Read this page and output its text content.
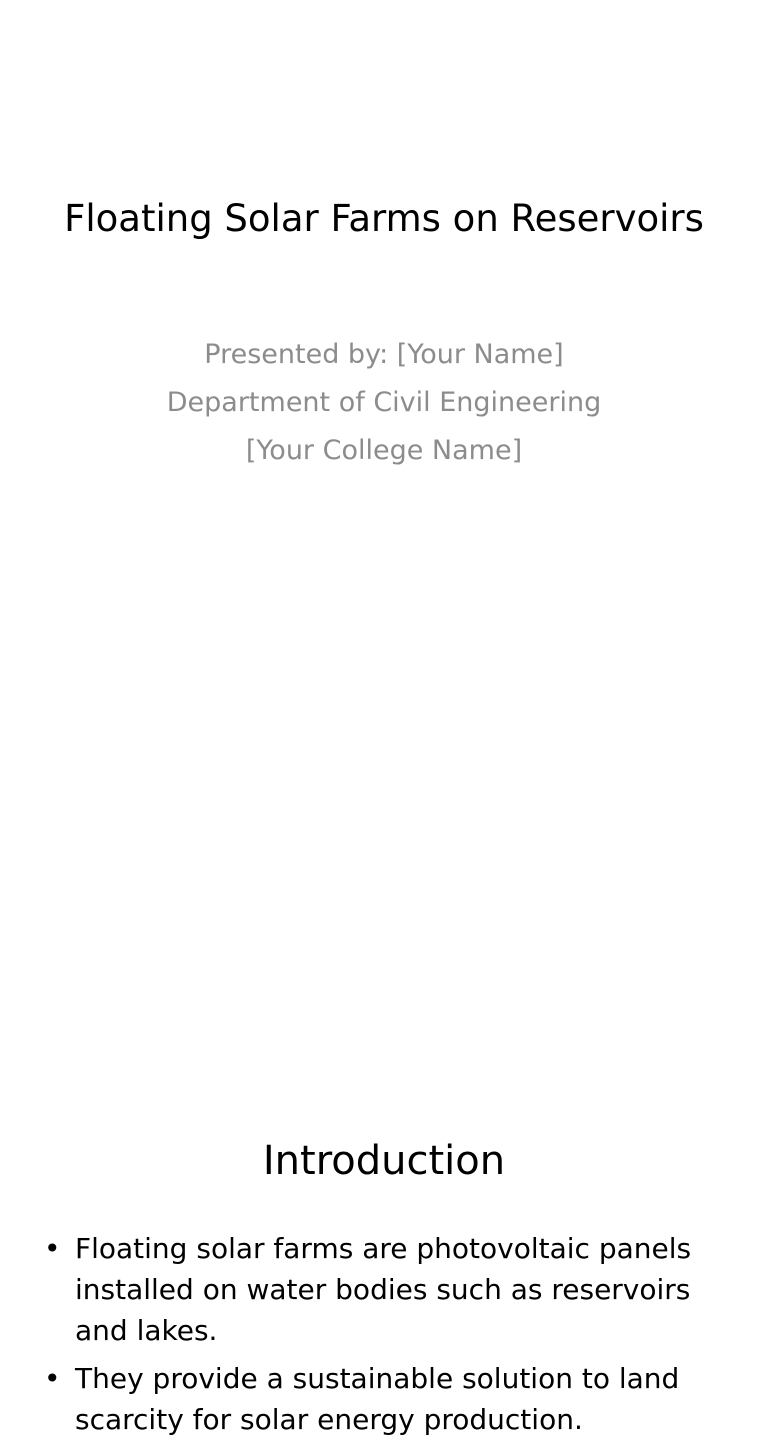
Floating Solar Farms on Reservoirs
Presented by: [Your Name]
Department of Civil Engineering
[Your College Name]
Introduction
• Floating solar farms are photovoltaic panels installed on water bodies such as reservoirs and lakes.
• They provide a sustainable solution to land scarcity for solar energy production.
